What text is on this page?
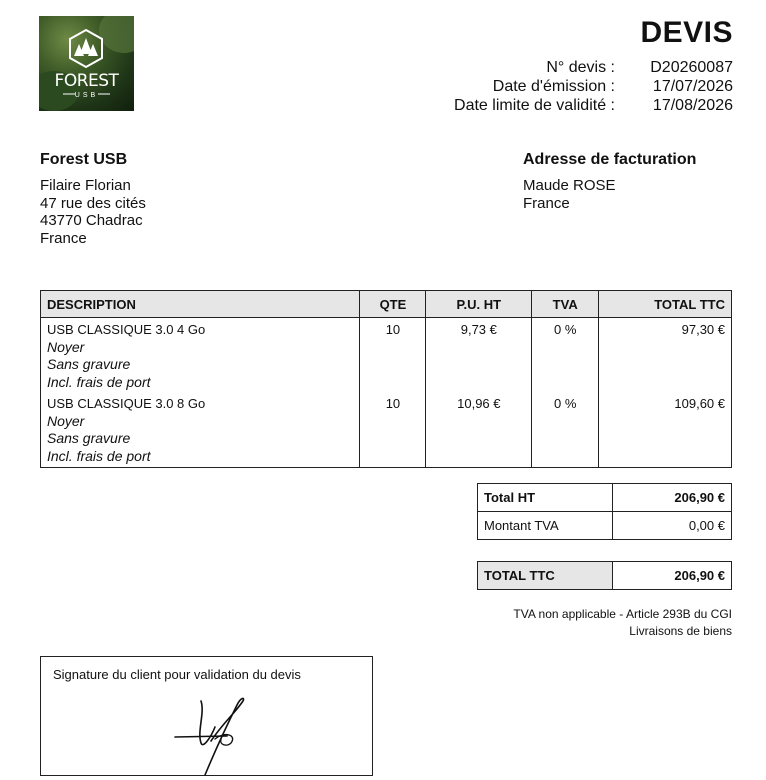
FOREST
USB
DEVIS
N° devis :	D20260087
Date d'émission :	17/07/2026
Date limite de validité :	17/08/2026
Forest USB
Filaire Florian
47 rue des cités
43770 Chadrac
France
Adresse de facturation
Maude ROSE
France
DESCRIPTION	QTE	P.U. HT	TVA	TOTAL TTC

USB CLASSIQUE 3.0 4 Go
Noyer
Sans gravure
Incl. frais de port	10	9,73 €	0 %	97,30 €

USB CLASSIQUE 3.0 8 Go
Noyer
Sans gravure
Incl. frais de port	10	10,96 €	0 %	109,60 €
Total HT	206,90 €
Montant TVA	0,00 €
TOTAL TTC	206,90 €
TVA non applicable - Article 293B du CGI
Livraisons de biens
Signature du client pour validation du devis
